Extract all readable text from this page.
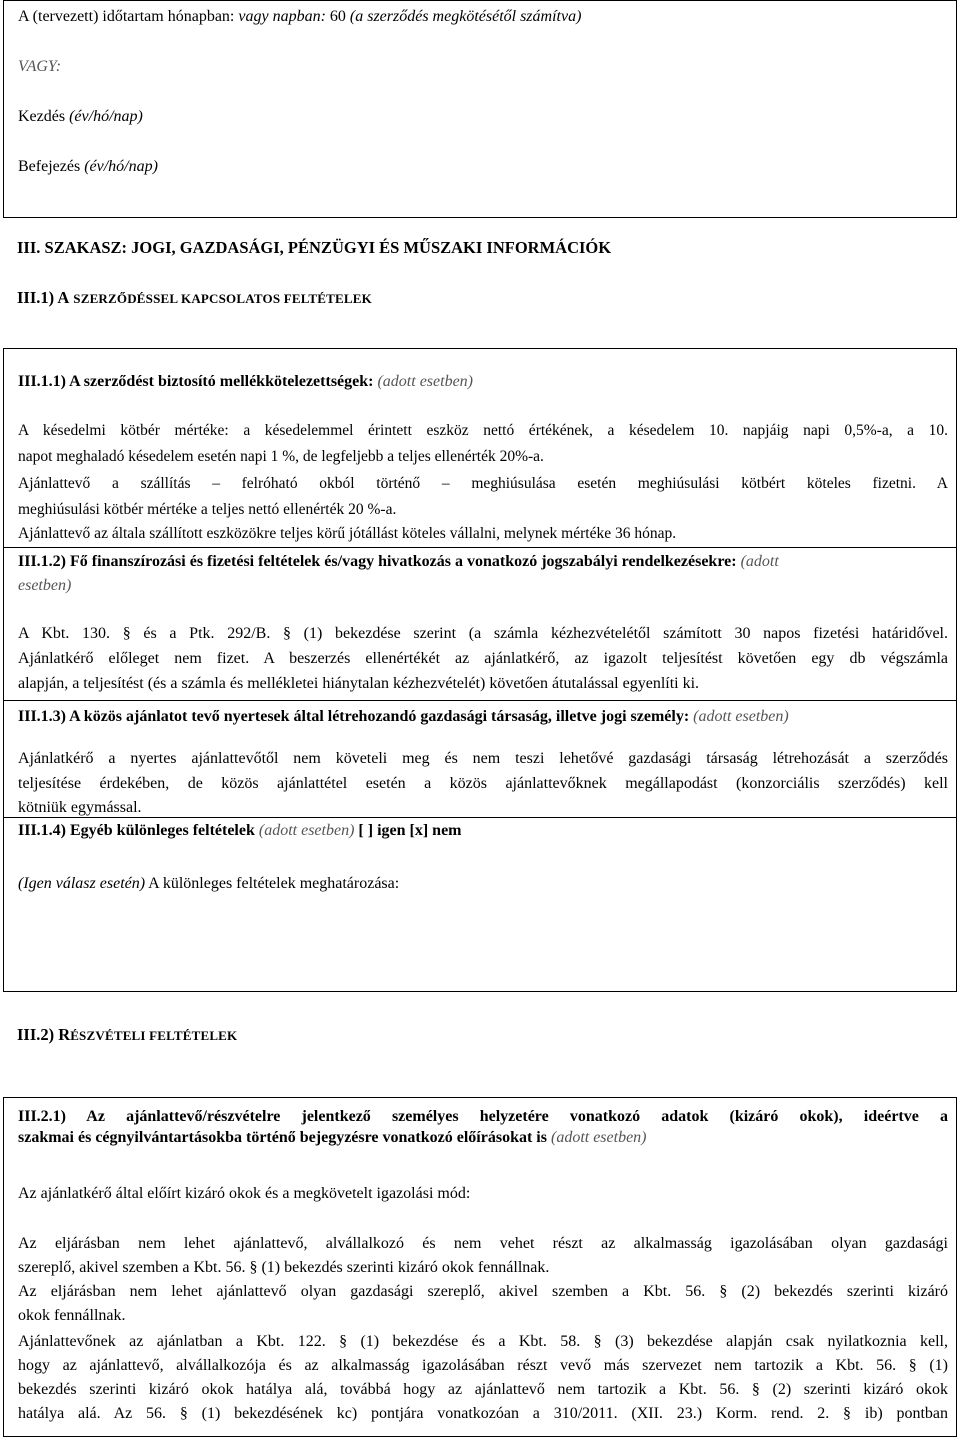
A (tervezett) időtartam hónapban: vagy napban: 60 (a szerződés megkötésétől számítva)
VAGY:
Kezdés (év/hó/nap)
Befejezés (év/hó/nap)
III. SZAKASZ: JOGI, GAZDASÁGI, PÉNZÜGYI ÉS MŰSZAKI INFORMÁCIÓK
III.1) A SZERZŐDÉSSEL KAPCSOLATOS FELTÉTELEK
III.1.1) A szerződést biztosító mellékkötelezettségek: (adott esetben)
A késedelmi kötbér mértéke: a késedelemmel érintett eszköz nettó értékének, a késedelem 10. napjáig napi 0,5%-a, a 10.
napot meghaladó késedelem esetén napi 1 %, de legfeljebb a teljes ellenérték 20%-a.
Ajánlattevő a szállítás – felróható okból történő – meghiúsulása esetén meghiúsulási kötbért köteles fizetni. A
meghiúsulási kötbér mértéke a teljes nettó ellenérték 20 %-a.
Ajánlattevő az általa szállított eszközökre teljes körű jótállást köteles vállalni, melynek mértéke 36 hónap.
III.1.2) Fő finanszírozási és fizetési feltételek és/vagy hivatkozás a vonatkozó jogszabályi rendelkezésekre: (adott
esetben)
A Kbt. 130. § és a Ptk. 292/B. § (1) bekezdése szerint (a számla kézhezvételétől számított 30 napos fizetési határidővel.
Ajánlatkérő előleget nem fizet. A beszerzés ellenértékét az ajánlatkérő, az igazolt teljesítést követően egy db végszámla
alapján, a teljesítést (és a számla és mellékletei hiánytalan kézhezvételét) követően átutalással egyenlíti ki.
III.1.3) A közös ajánlatot tevő nyertesek által létrehozandó gazdasági társaság, illetve jogi személy: (adott esetben)
Ajánlatkérő a nyertes ajánlattevőtől nem követeli meg és nem teszi lehetővé gazdasági társaság létrehozását a szerződés
teljesítése érdekében, de közös ajánlattétel esetén a közös ajánlattevőknek megállapodást (konzorciális szerződés) kell
kötniük egymással.
III.1.4) Egyéb különleges feltételek (adott esetben) [ ] igen [x] nem
(Igen válasz esetén) A különleges feltételek meghatározása:
III.2) RÉSZVÉTELI FELTÉTELEK
III.2.1) Az ajánlattevő/részvételre jelentkező személyes helyzetére vonatkozó adatok (kizáró okok), ideértve a
szakmai és cégnyilvántartásokba történő bejegyzésre vonatkozó előírásokat is (adott esetben)
Az ajánlatkérő által előírt kizáró okok és a megkövetelt igazolási mód:
Az eljárásban nem lehet ajánlattevő, alvállalkozó és nem vehet részt az alkalmasság igazolásában olyan gazdasági
szereplő, akivel szemben a Kbt. 56. § (1) bekezdés szerinti kizáró okok fennállnak.
Az eljárásban nem lehet ajánlattevő olyan gazdasági szereplő, akivel szemben a Kbt. 56. § (2) bekezdés szerinti kizáró
okok fennállnak.
Ajánlattevőnek az ajánlatban a Kbt. 122. § (1) bekezdése és a Kbt. 58. § (3) bekezdése alapján csak nyilatkoznia kell,
hogy az ajánlattevő, alvállalkozója és az alkalmasság igazolásában részt vevő más szervezet nem tartozik a Kbt. 56. § (1)
bekezdés szerinti kizáró okok hatálya alá, továbbá hogy az ajánlattevő nem tartozik a Kbt. 56. § (2) szerinti kizáró okok
hatálya alá. Az 56. § (1) bekezdésének kc) pontjára vonatkozóan a 310/2011. (XII. 23.) Korm. rend. 2. § ib) pontban
